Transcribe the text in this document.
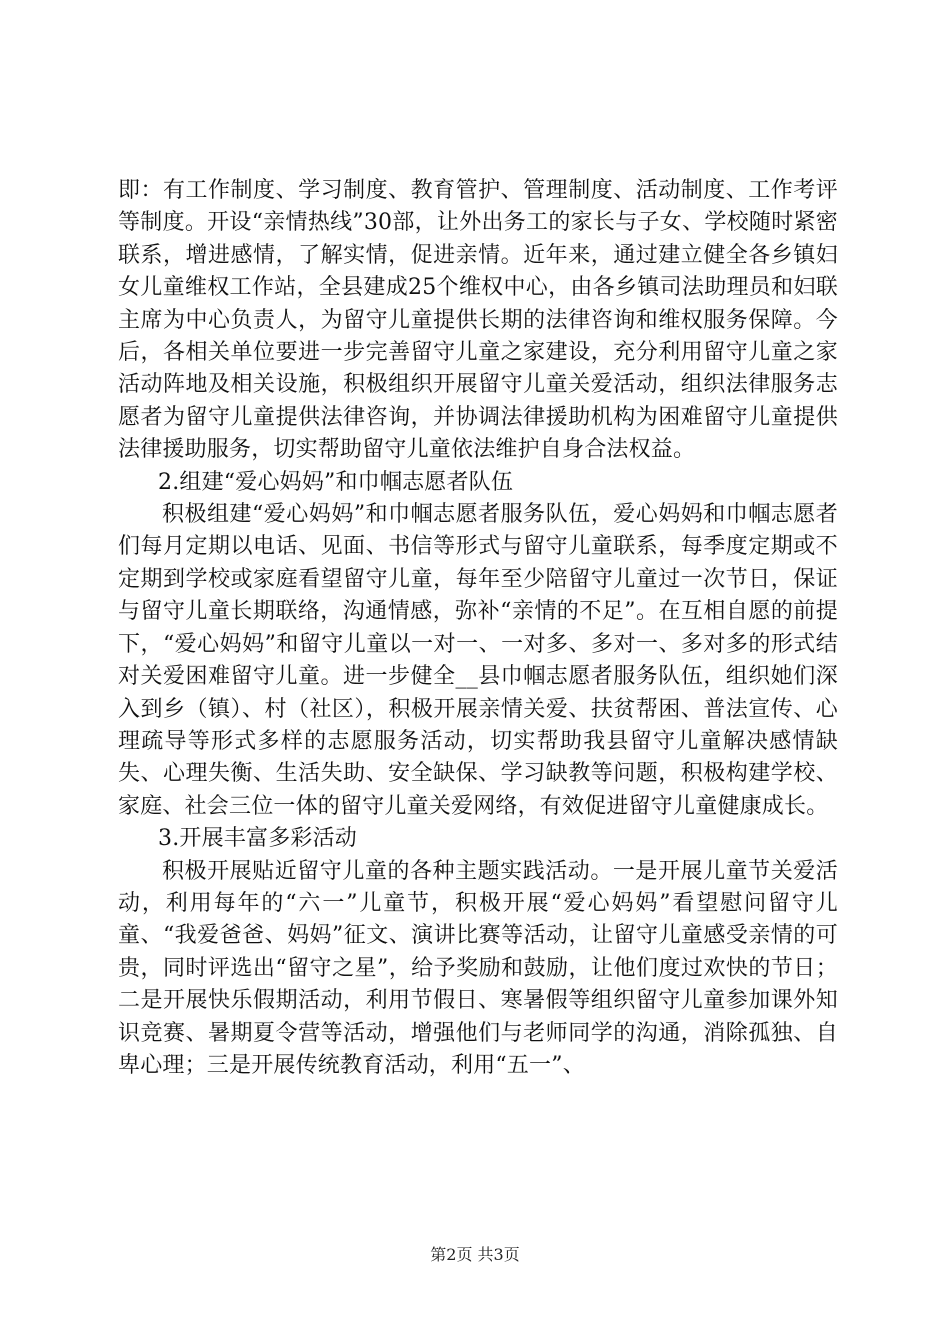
即：有工作制度、学习制度、教育管护、管理制度、活动制度、工作考评等制度。开设“亲情热线”30部，让外出务工的家长与子女、学校随时紧密联系，增进感情，了解实情，促进亲情。近年来，通过建立健全各乡镇妇女儿童维权工作站，全县建成25个维权中心，由各乡镇司法助理员和妇联主席为中心负责人，为留守儿童提供长期的法律咨询和维权服务保障。今后，各相关单位要进一步完善留守儿童之家建设，充分利用留守儿童之家活动阵地及相关设施，积极组织开展留守儿童关爱活动，组织法律服务志愿者为留守儿童提供法律咨询，并协调法律援助机构为困难留守儿童提供法律援助服务，切实帮助留守儿童依法维护自身合法权益。

2.组建“爱心妈妈”和巾帼志愿者队伍

积极组建“爱心妈妈”和巾帼志愿者服务队伍，爱心妈妈和巾帼志愿者们每月定期以电话、见面、书信等形式与留守儿童联系，每季度定期或不定期到学校或家庭看望留守儿童，每年至少陪留守儿童过一次节日，保证与留守儿童长期联络，沟通情感，弥补“亲情的不足”。在互相自愿的前提下，“爱心妈妈”和留守儿童以一对一、一对多、多对一、多对多的形式结对关爱困难留守儿童。进一步健全__县巾帼志愿者服务队伍，组织她们深入到乡（镇）、村（社区），积极开展亲情关爱、扶贫帮困、普法宣传、心理疏导等形式多样的志愿服务活动，切实帮助我县留守儿童解决感情缺失、心理失衡、生活失助、安全缺保、学习缺教等问题，积极构建学校、家庭、社会三位一体的留守儿童关爱网络，有效促进留守儿童健康成长。

3.开展丰富多彩活动

积极开展贴近留守儿童的各种主题实践活动。一是开展儿童节关爱活动，利用每年的“六一”儿童节，积极开展“爱心妈妈”看望慰问留守儿童、“我爱爸爸、妈妈”征文、演讲比赛等活动，让留守儿童感受亲情的可贵，同时评选出“留守之星”，给予奖励和鼓励，让他们度过欢快的节日；二是开展快乐假期活动，利用节假日、寒暑假等组织留守儿童参加课外知识竞赛、暑期夏令营等活动，增强他们与老师同学的沟通，消除孤独、自卑心理；三是开展传统教育活动，利用“五一”、

第2页 共3页
